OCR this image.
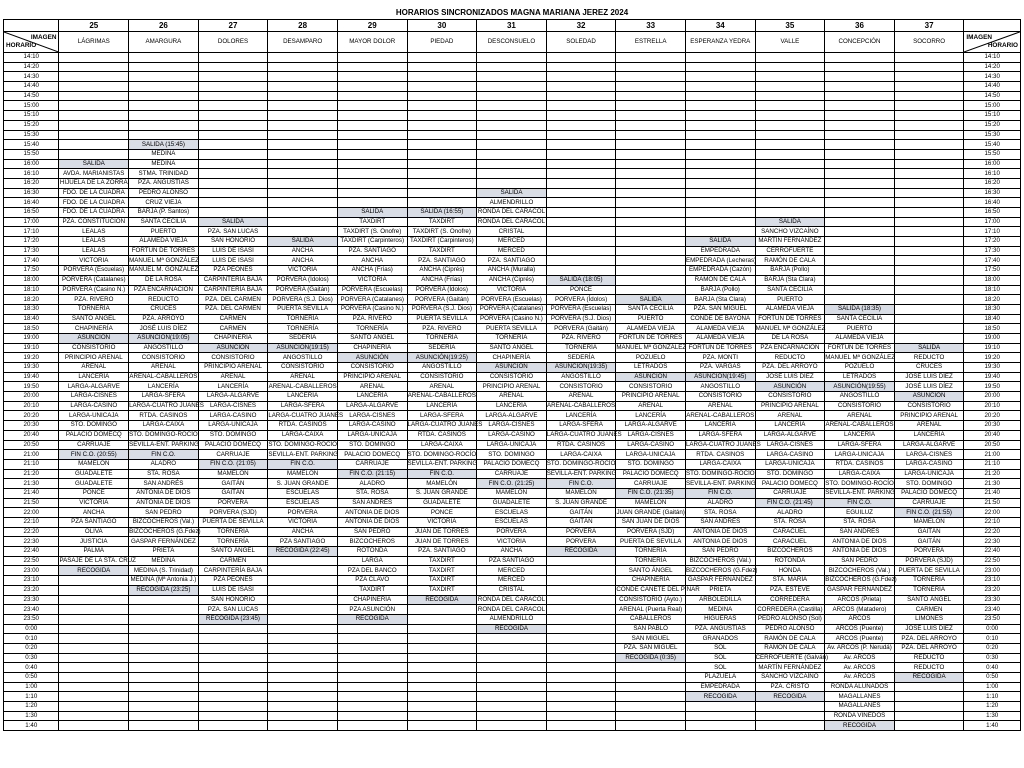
HORARIOS SINCRONIZADOS MAGNA MARIANA JEREZ 2024
	25	26	27	28	29	30	31	32	33	34	35	36	37	

IMAGEN
HORARIO	LÁGRIMAS	AMARGURA	DOLORES	DESAMPARO	MAYOR DOLOR	PIEDAD	DESCONSUELO	SOLEDAD	ESTRELLA	ESPERANZA YEDRA	VALLE	CONCEPCIÓN	SOCORRO	IMAGEN
HORARIO

14:10														14:10
14:20														14:20
14:30														14:30
14:40														14:40
14:50														14:50
15:00														15:00
15:10														15:10
15:20														15:20
15:30														15:30
15:40		SALIDA (15:45)												15:40
15:50		MEDINA												15:50
16:00	SALIDA	MEDINA												16:00
16:10	AVDA. MARIANISTAS	STMA. TRINIDAD												16:10
16:20	HIJUELA DE LA ZORRA	PZA. ANGUSTIAS												16:20
16:30	FDO. DE LA CUADRA	PEDRO ALONSO					SALIDA							16:30
16:40	FDO. DE LA CUADRA	CRUZ VIEJA					ALMENDRILLO							16:40
16:50	FDO. DE LA CUADRA	BARJA (P. Santos)			SALIDA	SALIDA (16:55)	RONDA DEL CARACOL							16:50
17:00	PZA. CONSTITUCION	SANTA CECILIA	SALIDA		TAXDIRT	TAXDIRT	RONDA DEL CARACOL				SALIDA			17:00
17:10	LEALAS	PUERTO	PZA. SAN LUCAS		TAXDIRT (S. Onofre)	TAXDIRT (S. Onofre)	CRISTAL				SANCHO VIZCAÍNO			17:10
17:20	LEALAS	ALAMEDA VIEJA	SAN HONORIO	SALIDA	TAXDIRT (Carpinteros)	TAXDIRT (Carpinteros)	MERCED			SALIDA	MARTÍN FERNÁNDEZ			17:20
17:30	LEALAS	FORTÚN DE TORRES	LUIS DE ISASI	ANCHA	PZA. SANTIAGO	TAXDIRT	MERCED			EMPEDRADA	CERROFUERTE			17:30
17:40	VICTORIA	MANUEL Mª GONZÁLEZ	LUIS DE ISASI	ANCHA	ANCHA	PZA. SANTIAGO	PZA. SANTIAGO			EMPEDRADA (Lecheras)	RAMÓN DE CALA			17:40
17:50	PORVERA (Escuelas)	MANUEL M. GONZÁLEZ	PZA PEONES	VICTORIA	ANCHA (Frías)	ANCHA (Ciprés)	ANCHA (Muralla)			EMPEDRADA (Cazón)	BARJA (Pollo)			17:50
18:00	PORVERA (Catalanes)	DE LA ROSA	CARPINTERÍA BAJA	PORVERA (Ídolos)	VICTORIA	ANCHA (Frías)	ANCHA (Ciprés)	SALIDA (18:05)		RAMÓN DE CALA	BARJA (Sta Clara)			18:00
18:10	PORVERA (Casino N.)	PZA ENCARNACIÓN	CARPINTERÍA BAJA	PORVERA (Gaitán)	PORVERA (Escuelas)	PORVERA (Ídolos)	VICTORIA	PONCE		BARJA (Pollo)	SANTA CECILIA			18:10
18:20	PZA. RIVERO	REDUCTO	PZA. DEL CARMEN	PORVERA (S.J. Dios)	PORVERA (Catalanes)	PORVERA (Gaitán)	PORVERA (Escuelas)	PORVERA (Ídolos)	SALIDA	BARJA (Sta Clara)	PUERTO			18:20
18:30	TORNERÍA	CRUCES	PZA. DEL CARMEN	PUERTA SEVILLA	PORVERA (Casino N.)	PORVERA (S.J. Dios)	PORVERA (Catalanes)	PORVERA (Escuelas)	SANTA CECILIA	PZA. SAN MIGUEL	ALAMEDA VIEJA	SALIDA (18:35)		18:30
18:40	SANTO ÁNGEL	PZA. ARROYO	CARMEN	TORNERÍA	PZA. RIVERO	PUERTA SEVILLA	PORVERA (Casino N.)	PORVERA (S.J. Dios)	PUERTO	CONDE DE BAYONA	FORTÚN DE TORRES	SANTA CECILIA		18:40
18:50	CHAPINERÍA	JOSÉ LUIS DÍEZ	CARMEN	TORNERÍA	TORNERÍA	PZA. RIVERO	PUERTA SEVILLA	PORVERA (Gaitán)	ALAMEDA VIEJA	ALAMEDA VIEJA	MANUEL Mª GONZÁLEZ	PUERTO		18:50
19:00	ASUNCIÓN	ASUNCIÓN(19:05)	CHAPINERÍA	SEDERÍA	SANTO ÁNGEL	TORNERÍA	TORNERÍA	PZA. RIVERO	FORTÚN DE TORRES	ALAMEDA VIEJA	DE LA ROSA	ALAMEDA VIEJA		19:00
19:10	CONSISTORIO	ANGOSTILLO	ASUNCIÓN	ASUNCIÓN(19:15)	CHAPINERÍA	SEDERÍA	SANTO ÁNGEL	TORNERÍA	MANUEL Mª GONZÁLEZ	FORTÚN DE TORRES	PZA ENCARNACIÓN	FORTÚN DE TORRES	SALIDA	19:10
19:20	PRINCIPIO ARENAL	CONSISTORIO	CONSISTORIO	ANGOSTILLO	ASUNCIÓN	ASUNCIÓN(19:25)	CHAPINERÍA	SEDERÍA	POZUELO	PZA. MONTI	REDUCTO	MANUEL Mª GONZÁLEZ	REDUCTO	19:20
19:30	ARENAL	ARENAL	PRINCIPIO ARENAL	CONSISTORIO	CONSISTORIO	ANGOSTILLO	ASUNCIÓN	ASUNCIÓN(19:35)	LETRADOS	PZA. VARGAS	PZA. DEL ARROYO	POZUELO	CRUCES	19:30
19:40	LANCERÍA	ARENAL-CABALLEROS	ARENAL	ARENAL	PRINCIPIO ARENAL	CONSISTORIO	CONSISTORIO	ANGOSTILLO	ASUNCIÓN	ASUNCIÓN(19:45)	JOSÉ LUIS DÍEZ	LETRADOS	JOSÉ LUIS DÍEZ	19:40
19:50	LARGA-ALGARVE	LANCERÍA	LANCERÍA	ARENAL-CABALLEROS	ARENAL	ARENAL	PRINCIPIO ARENAL	CONSISTORIO	CONSISTORIO	ANGOSTILLO	ASUNCIÓN	ASUNCIÓN(19:55)	JOSÉ LUIS DÍEZ	19:50
20:00	LARGA-CISNES	LARGA-SFERA	LARGA-ALGARVE	LANCERÍA	LANCERÍA	ARENAL-CABALLEROS	ARENAL	ARENAL	PRINCIPIO ARENAL	CONSISTORIO	CONSISTORIO	ANGOSTILLO	ASUNCIÓN	20:00
20:10	LARGA-CASINO	LARGA-CUATRO JUANES	LARGA-CISNES	LARGA-SFERA	LARGA-ALGARVE	LANCERÍA	LANCERÍA	ARENAL-CABALLEROS	ARENAL	ARENAL	PRINCIPIO ARENAL	CONSISTORIO	CONSISTORIO	20:10
20:20	LARGA-UNICAJA	RTDA. CASINOS	LARGA-CASINO	LARGA-CUATRO JUANES	LARGA-CISNES	LARGA-SFERA	LARGA-ALGARVE	LANCERÍA	LANCERÍA	ARENAL-CABALLEROS	ARENAL	ARENAL	PRINCIPIO ARENAL	20:20
20:30	STO. DOMINGO	LARGA-CAIXA	LARGA-UNICAJA	RTDA. CASINOS	LARGA-CASINO	LARGA-CUATRO JUANES	LARGA-CISNES	LARGA-SFERA	LARGA-ALGARVE	LANCERÍA	LANCERÍA	ARENAL-CABALLEROS	ARENAL	20:30
20:40	PALACIO DOMECQ	STO. DOMINGO-ROCÍO	STO. DOMINGO	LARGA-CAIXA	LARGA-UNICAJA	RTDA. CASINOS	LARGA-CASINO	LARGA-CUATRO JUANES	LARGA-CISNES	LARGA-SFERA	LARGA-ALGARVE	LANCERÍA	LANCERÍA	20:40
20:50	CARRUAJE	SEVILLA-ENT. PARKING	PALACIO DOMECQ	STO. DOMINGO-ROCÍO	STO. DOMINGO	LARGA-CAIXA	LARGA-UNICAJA	RTDA. CASINOS	LARGA-CASINO	LARGA-CUATRO JUANES	LARGA-CISNES	LARGA-SFERA	LARGA-ALGARVE	20:50
21:00	FIN C.O. (20:55)	FIN C.O.	CARRUAJE	SEVILLA-ENT. PARKING	PALACIO DOMECQ	STO. DOMINGO-ROCÍO	STO. DOMINGO	LARGA-CAIXA	LARGA-UNICAJA	RTDA. CASINOS	LARGA-CASINO	LARGA-UNICAJA	LARGA-CISNES	21:00
21:10	MAMELÓN	ALADRO	FIN C.O. (21:05)	FIN C.O.	CARRUAJE	SEVILLA-ENT. PARKING	PALACIO DOMECQ	STO. DOMINGO-ROCÍO	STO. DOMINGO	LARGA-CAIXA	LARGA-UNICAJA	RTDA. CASINOS	LARGA-CASINO	21:10
21:20	GUADALETE	STA. ROSA	MAMELÓN	MAMELÓN	FIN C.O. (21:15)	FIN C.O.	CARRUAJE	SEVILLA-ENT. PARKING	PALACIO DOMECQ	STO. DOMINGO-ROCÍO	STO. DOMINGO	LARGA-CAIXA	LARGA-UNICAJA	21:20
21:30	GUADALETE	SAN ANDRÉS	GAITÁN	S. JUAN GRANDE	ALADRO	MAMELÓN	FIN C.O. (21:25)	FIN C.O.	CARRUAJE	SEVILLA-ENT. PARKING	PALACIO DOMECQ	STO. DOMINGO-ROCÍO	STO. DOMINGO	21:30
21:40	PONCE	ANTONIA DE DIOS	GAITÁN	ESCUELAS	STA. ROSA	S. JUAN GRANDE	MAMELÓN	MAMELÓN	FIN C.O. (21:35)	FIN C.O.	CARRUAJE	SEVILLA-ENT. PARKING	PALACIO DOMECQ	21:40
21:50	VICTORIA	ANTONIA DE DIOS	PORVERA	ESCUELAS	SAN ANDRÉS	GUADALETE	GUADALETE	S. JUAN GRANDE	MAMELÓN	ALADRO	FIN C.O. (21:45)	FIN C.O.	CARRUAJE	21:50
22:00	ANCHA	SAN PEDRO	PORVERA (SJD)	PORVERA	ANTONIA DE DIOS	PONCE	ESCUELAS	GAITÁN	JUAN GRANDE (Gaitán)	STA. ROSA	ALADRO	EGUILUZ	FIN C.O. (21:55)	22:00
22:10	PZA SANTIAGO	BIZCOCHEROS (Val.)	PUERTA DE SEVILLA	VICTORIA	ANTONIA DE DIOS	VICTORIA	ESCUELAS	GAITÁN	SAN JUAN DE DIOS	SAN ANDRÉS	STA. ROSA	STA. ROSA	MAMELÓN	22:10
22:20	OLIVA	BIZCOCHEROS (G.Fdez)	TORNERÍA	ANCHA	SAN PEDRO	JUAN DE TORRES	PORVERA	PORVERA	PORVERA (SJD)	ANTONIA DE DIOS	CARACUEL	SAN ANDRÉS	GAITÁN	22:20
22:30	JUSTICIA	GASPAR FERNÁNDEZ	TORNERÍA	PZA SANTIAGO	BIZCOCHEROS	JUAN DE TORRES	VICTORIA	PORVERA	PUERTA DE SEVILLA	ANTONIA DE DIOS	CARACUEL	ANTONIA DE DIOS	GAITÁN	22:30
22:40	PALMA	PRIETA	SANTO ÁNGEL	RECOGIDA (22:45)	ROTONDA	PZA. SANTIAGO	ANCHA	RECOGIDA	TORNERÍA	SAN PEDRO	BIZCOCHEROS	ANTONIA DE DIOS	PORVERA	22:40
22:50	PASAJE DE LA STA. CRUZ	MEDINA	CARMEN		LARGA	TAXDIRT	PZA SANTIAGO		TORNERÍA	BIZCOCHEROS (Val.)	ROTONDA	SAN PEDRO	PORVERA (SJD)	22:50
23:00	RECOGIDA	MEDINA (S. Trinidad)	CARPINTERÍA BAJA		PZA DEL BANCO	TAXDIRT	MERCED		SANTO ÁNGEL	BIZCOCHEROS (G.Fdez)	HONDA	BIZCOCHEROS (Val.)	PUERTA DE SEVILLA	23:00
23:10		MEDINA (Mª Antonia J.)	PZA PEONES		PZA CLAVO	TAXDIRT	MERCED		CHAPINERÍA	GASPAR FERNÁNDEZ	STA. MARÍA	BIZCOCHEROS (G.Fdez)	TORNERÍA	23:10
23:20		RECOGIDA (23:25)	LUIS DE ISASI		TAXDIRT	TAXDIRT	CRISTAL		CONDE CAÑETE DEL PINAR	PRIETA	PZA. ESTEVE	GASPAR FERNÁNDEZ	TORNERÍA	23:20
23:30			SAN HONORIO		CHAPINERÍA	RECOGIDA	RONDA DEL CARACOL		CONSISTORIO (Ayto.)	ARBOLEDILLA	CORREDERA	ARCOS (Prieta)	SANTO ÁNGEL	23:30
23:40			PZA. SAN LUCAS		PZA ASUNCIÓN		RONDA DEL CARACOL		ARENAL (Puerta Real)	MEDINA	CORREDERA (Castilla)	ARCOS (Matadero)	CARMEN	23:40
23:50			RECOGIDA (23:45)		RECOGIDA		ALMENDRILLO		CABALLEROS	HIGUERAS	PEDRO ALONSO (Sol)	ARCOS	LIMONES	23:50
0:00							RECOGIDA		SAN PABLO	PZA. ANGUSTIAS	PEDRO ALONSO	ARCOS (Puente)	JOSÉ LUIS DÍEZ	0:00
0:10									SAN MIGUEL	GRANADOS	RAMÓN DE CALA	ARCOS (Puente)	PZA. DEL ARROYO	0:10
0:20									PZA. SAN MIGUEL	SOL	RAMÓN DE CALA	Av. ARCOS (P. Nerudá)	PZA. DEL ARROYO	0:20
0:30									RECOGIDA (0:35)	SOL	CERROFUERTE (Galván)	Av. ARCOS	REDUCTO	0:30
0:40										SOL	MARTÍN FERNÁNDEZ	Av. ARCOS	REDUCTO	0:40
0:50										PLAZUELA	SANCHO VIZCAÍNO	Av. ARCOS	RECOGIDA	0:50
1:00										EMPEDRADA	PZA. CRISTO	RONDA ALUNADOS		1:00
1:10										RECOGIDA	RECOGIDA	MAGALLANES		1:10
1:20												MAGALLANES		1:20
1:30												RONDA VIÑEDOS		1:30
1:40												RECOGIDA		1:40
